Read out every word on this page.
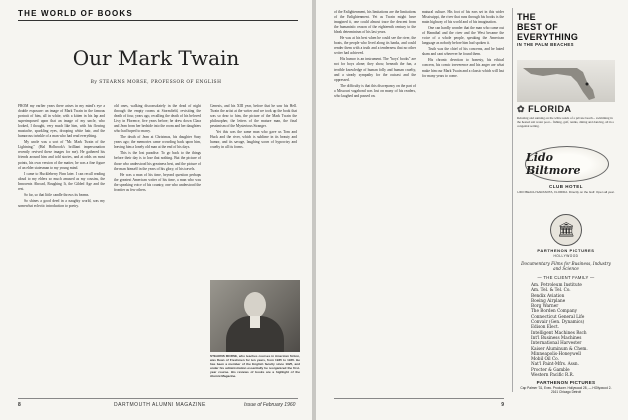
THE WORLD OF BOOKS
Our Mark Twain
By STEARNS MORSE, PROFESSOR OF ENGLISH

FROM my earlier years there arises in my mind's eye a double exposure: an image of Mark Twain in the famous portrait of him, all in white, with a kitten in his lap and superimposed upon that an image of my uncle, who looked, I thought, very much like him, with his flowing mustache, sparkling eyes, drooping white hair, and the humorous twinkle of a man who had read everything.

My uncle was a sort of "Mr. Mark Twain of the Lightning," (Hal Holbrook's brilliant impersonation recently revived these images for me). He gathered his friends around him and told stories, and at odds on most points, his own version of the matter, he was a fine figure of an elder statesman to my young mind.

I came to Huckleberry Finn later. I can recall reading aloud to my elders so much amused as my cousins, the Innocents Abroad, Roughing It, the Gilded Age and the rest.

So far, so that little candle throws its beams.

So shines a good deed in a naughty world, was my somewhat eclectic introduction to poetry.

old ones, walking disconsolately in the dead of night through the empty rooms at Stormfield, revisiting the death of four, years ago, recalling the death of his beloved Livy in Florence, five years before; he drew down Clara and Jean from her bedside into the room and her daughters who had hoped to marry.

The death of Jean at Christmas, his daughter Susy years ago; the memories came crowding back upon him, leaving him a lonely old man at the end of his days.

This is the lost paradise. To go back to the things before their day is to lose that nothing. But the picture of those who understood his greatness best, and the picture of the man himself in the years of his glory, of his travels.

He was a man of his time, beyond question perhaps the greatest American writer of his time, a man who was the speaking voice of his country, one who understood the frontier as few others.

Genesis, and his XIII year, before that he saw his Hell. Twain the artist at the writer and we took up the book that was so dear to him, the picture of the Mark Twain the philosopher, the letters of the mature man, the final pessimism of the Mysterious Stranger.

Yet this was the same man who gave us Tom and Huck and the river, which is sublime in its beauty and humor, and its savage, laughing scorn of hypocrisy and cruelty in all its forms.

STEARNS MORSE, who teaches courses in American fiction, was Dean of Freshmen for ten years, from 1935 to 1945. He has been a member of the English faculty since 1925, and under his administration essentially he reorganized the first-year course. His reviews of books are a highlight of the Alumni Magazine.
8	DARTMOUTH ALUMNI MAGAZINE	Issue of February 1960

of the Enlightenment, his limitations are the limitations of the Enlightenment. Yet as Twain might have imagined it, one could almost trace the descent from the humanistic reason of the eighteenth century to the bleak determinism of his last years.

He was at his best when he could see the river, the boats, the people who lived along its banks, and could render them with a truth and a tenderness that no other writer had achieved.

His humor is an instrument. The "boys' books" are not for boys alone; they show, beneath the fun, a terrible knowledge of human folly and human cruelty, and a steady sympathy for the outcast and the oppressed.

The difficulty is that this discrepancy on the part of a Missouri vagabond was lost on many of his readers, who laughed and passed on.

matural culture. His foot of his ears set in this wider Mississippi, the river that runs through his books is the main highway of his world and of his imagination.

One can hardly wonder that the man who came out of Hannibal and the river and the West became the voice of a whole people, speaking the American language as nobody before him had spoken it.

Truth was the chief of his concerns, and he hated sham and cant wherever he found them.

His chronic devotion to honesty, his ethical concern, his comic irreverence and his anger are what make him our Mark Twain and a classic which will last for many years to come.

9
THE
BEST OF
EVERYTHING
IN THE PALM BEACHES
✿ FLORIDA
Relaxing and sunning on the white sands of a private beach... swimming in the heated salt water pool... fishing, golf, tennis, dining and dancing, all in a congenial setting.
Lido Biltmore
CLUB HOTEL
LIDO BEACH SARASOTA, FLORIDA. Directly on the Gulf. Open all year.
🏛
PARTHENON PICTURES
HOLLYWOOD
Documentary Films for Business, Industry and Science
— THE CLIENT FAMILY —
Am. Petroleum Institute
Am. Tel. & Tel. Co.
Bendix Aviation
Boeing Airplane
Borg Warner
The Borden Company
Connecticut General Life
Convair (Gen. Dynamics)
Edison Elect.
Intelligent Machines Rsch
Int'l Business Machines
International Harvester
Kaiser Aluminum & Chem.
Minneapolis-Honeywell
Mobil Oil Co.
Nat'l Paint-Mfrs. Assn.
Procter & Gamble
Western Pacific R.R.
PARTHENON PICTURES
Cap Palmer '31, Exec. Producer. Hollywood 28, — HOllywood 2-2161 Chicago Detroit
